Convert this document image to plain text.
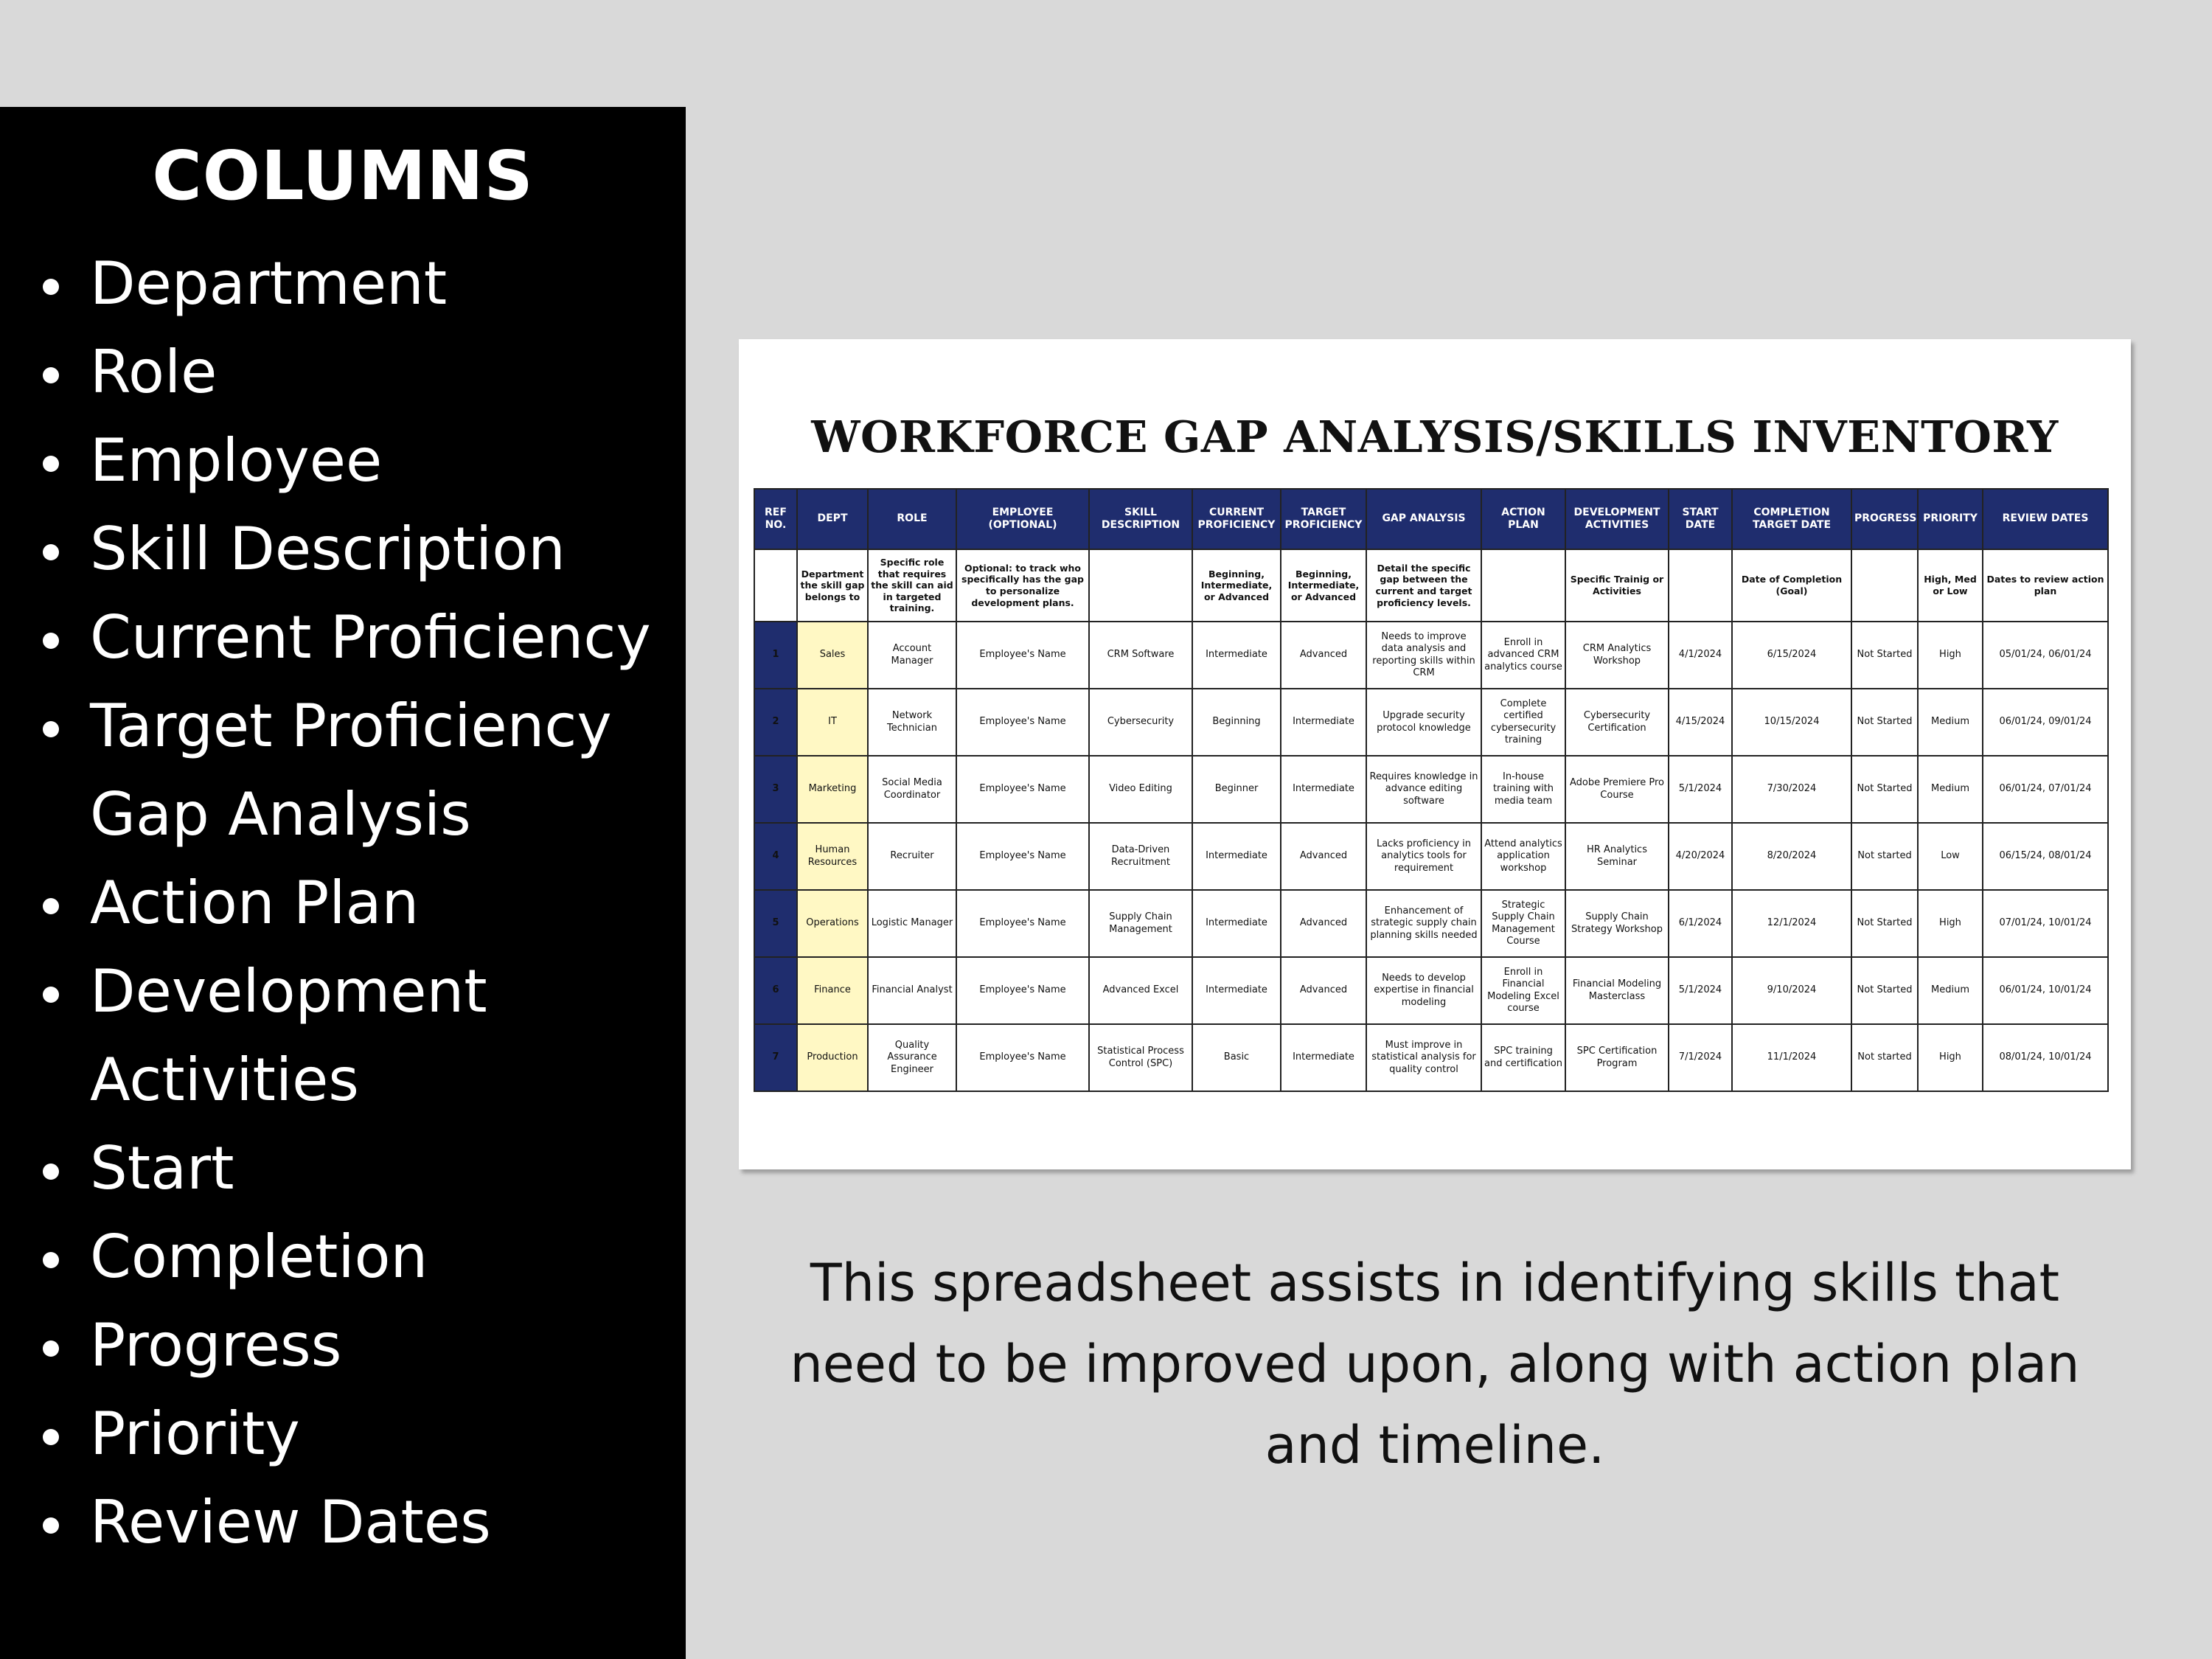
COLUMNS
Department
Role
Employee
Skill Description
Current Proficiency
Target Proficiency
Gap Analysis
Action Plan
Development
Activities
Start
Completion
Progress
Priority
Review Dates
WORKFORCE GAP ANALYSIS/SKILLS INVENTORY
REF NO.	DEPT	ROLE	EMPLOYEE (OPTIONAL)	SKILL DESCRIPTION	CURRENT PROFICIENCY	TARGET PROFICIENCY	GAP ANALYSIS	ACTION PLAN	DEVELOPMENT ACTIVITIES	START DATE	COMPLETION TARGET DATE	PROGRESS	PRIORITY	REVIEW DATES
	Department the skill gap belongs to	Specific role that requires the skill can aid in targeted training.	Optional: to track who specifically has the gap to personalize development plans.		Beginning, Intermediate, or Advanced	Beginning, Intermediate, or Advanced	Detail the specific gap between the current and target proficiency levels.		Specific Trainig or Activities		Date of Completion (Goal)		High, Med or Low	Dates to review action plan
1	Sales	Account Manager	Employee's Name	CRM Software	Intermediate	Advanced	Needs to improve data analysis and reporting skills within CRM	Enroll in advanced CRM analytics course	CRM Analytics Workshop	4/1/2024	6/15/2024	Not Started	High	05/01/24, 06/01/24
2	IT	Network Technician	Employee's Name	Cybersecurity	Beginning	Intermediate	Upgrade security protocol knowledge	Complete certified cybersecurity training	Cybersecurity Certification	4/15/2024	10/15/2024	Not Started	Medium	06/01/24, 09/01/24
3	Marketing	Social Media Coordinator	Employee's Name	Video Editing	Beginner	Intermediate	Requires knowledge in advance editing software	In-house training with media team	Adobe Premiere Pro Course	5/1/2024	7/30/2024	Not Started	Medium	06/01/24, 07/01/24
4	Human Resources	Recruiter	Employee's Name	Data-Driven Recruitment	Intermediate	Advanced	Lacks proficiency in analytics tools for requirement	Attend analytics application workshop	HR Analytics Seminar	4/20/2024	8/20/2024	Not started	Low	06/15/24, 08/01/24
5	Operations	Logistic Manager	Employee's Name	Supply Chain Management	Intermediate	Advanced	Enhancement of strategic supply chain planning skills needed	Strategic Supply Chain Management Course	Supply Chain Strategy Workshop	6/1/2024	12/1/2024	Not Started	High	07/01/24, 10/01/24
6	Finance	Financial Analyst	Employee's Name	Advanced Excel	Intermediate	Advanced	Needs to develop expertise in financial modeling	Enroll in Financial Modeling Excel course	Financial Modeling Masterclass	5/1/2024	9/10/2024	Not Started	Medium	06/01/24, 10/01/24
7	Production	Quality Assurance Engineer	Employee's Name	Statistical Process Control (SPC)	Basic	Intermediate	Must improve in statistical analysis for quality control	SPC training and certification	SPC Certification Program	7/1/2024	11/1/2024	Not started	High	08/01/24, 10/01/24

This spreadsheet assists in identifying skills that need to be improved upon, along with action plan and timeline.
